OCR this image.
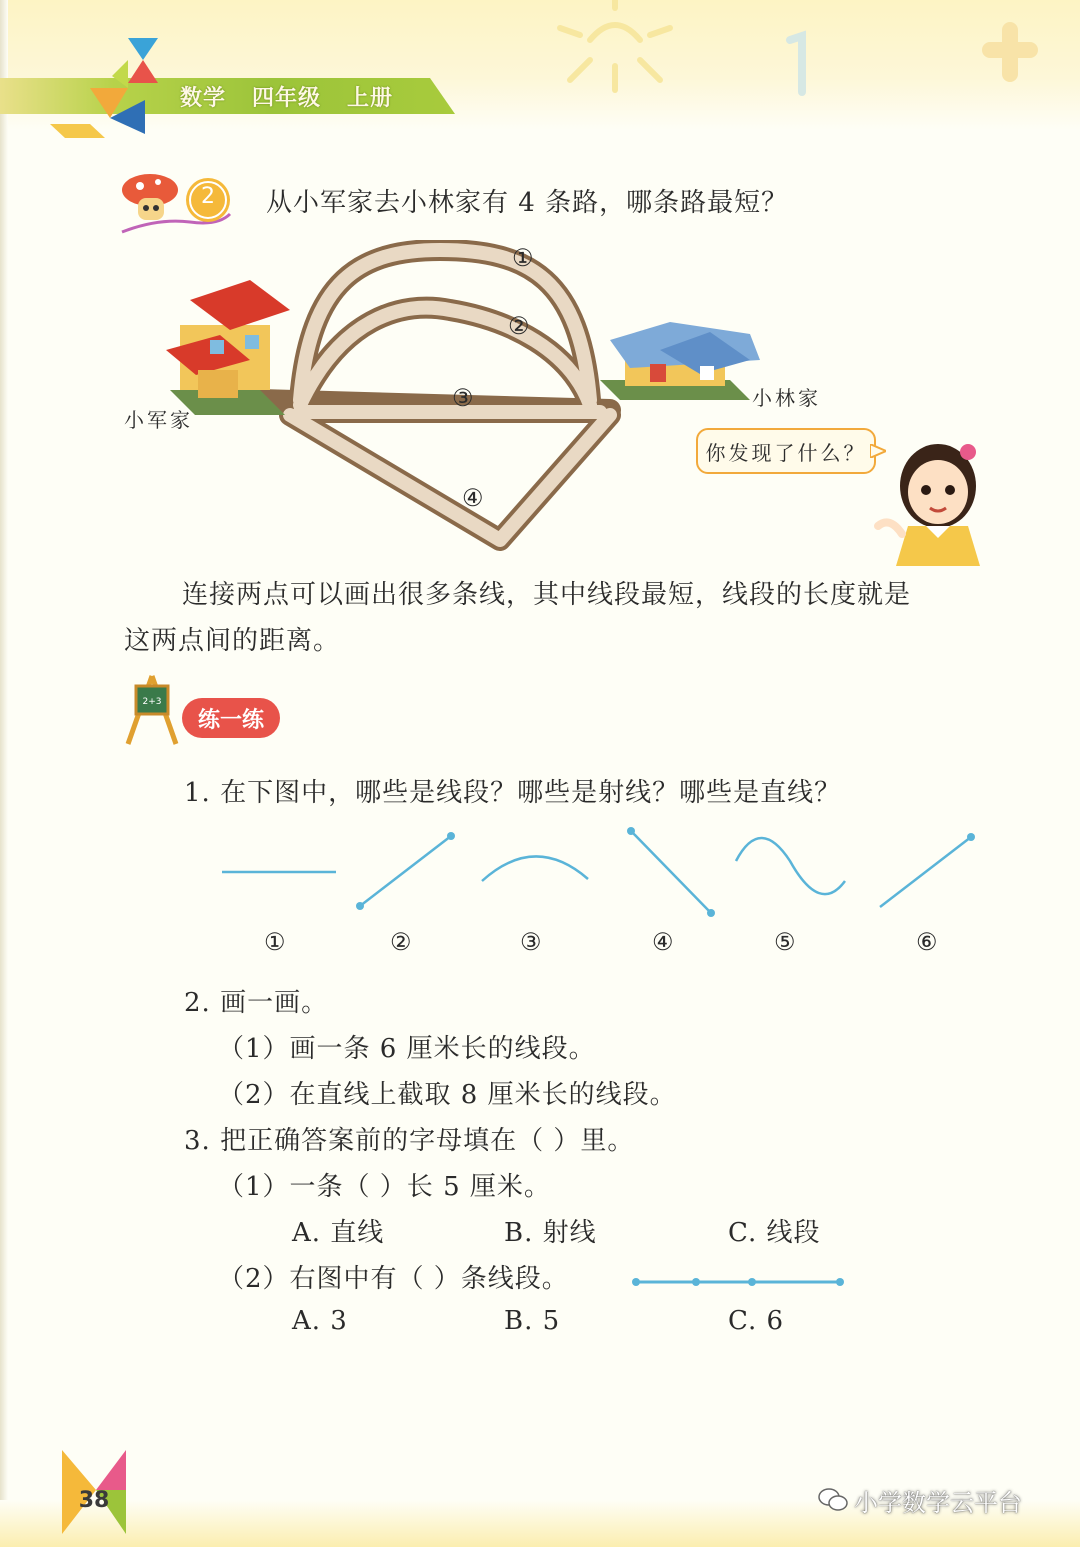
数学 四年级 上册
2 从小军家去小林家有 4 条路，哪条路最短？
①
②
③
④
小军家
小林家
你发现了什么？
连接两点可以画出很多条线，其中线段最短，线段的长度就是
这两点间的距离。
2+3
练一练
1. 在下图中，哪些是线段？哪些是射线？哪些是直线？
①	②	③	④	⑤	⑥
2. 画一画。
（1）画一条 6 厘米长的线段。
（2）在直线上截取 8 厘米长的线段。
3. 把正确答案前的字母填在（ ）里。
（1）一条（ ）长 5 厘米。
A. 直线	B. 射线	C. 线段
（2）右图中有（ ）条线段。
A. 3	B. 5	C. 6
38	小学数学云平台
